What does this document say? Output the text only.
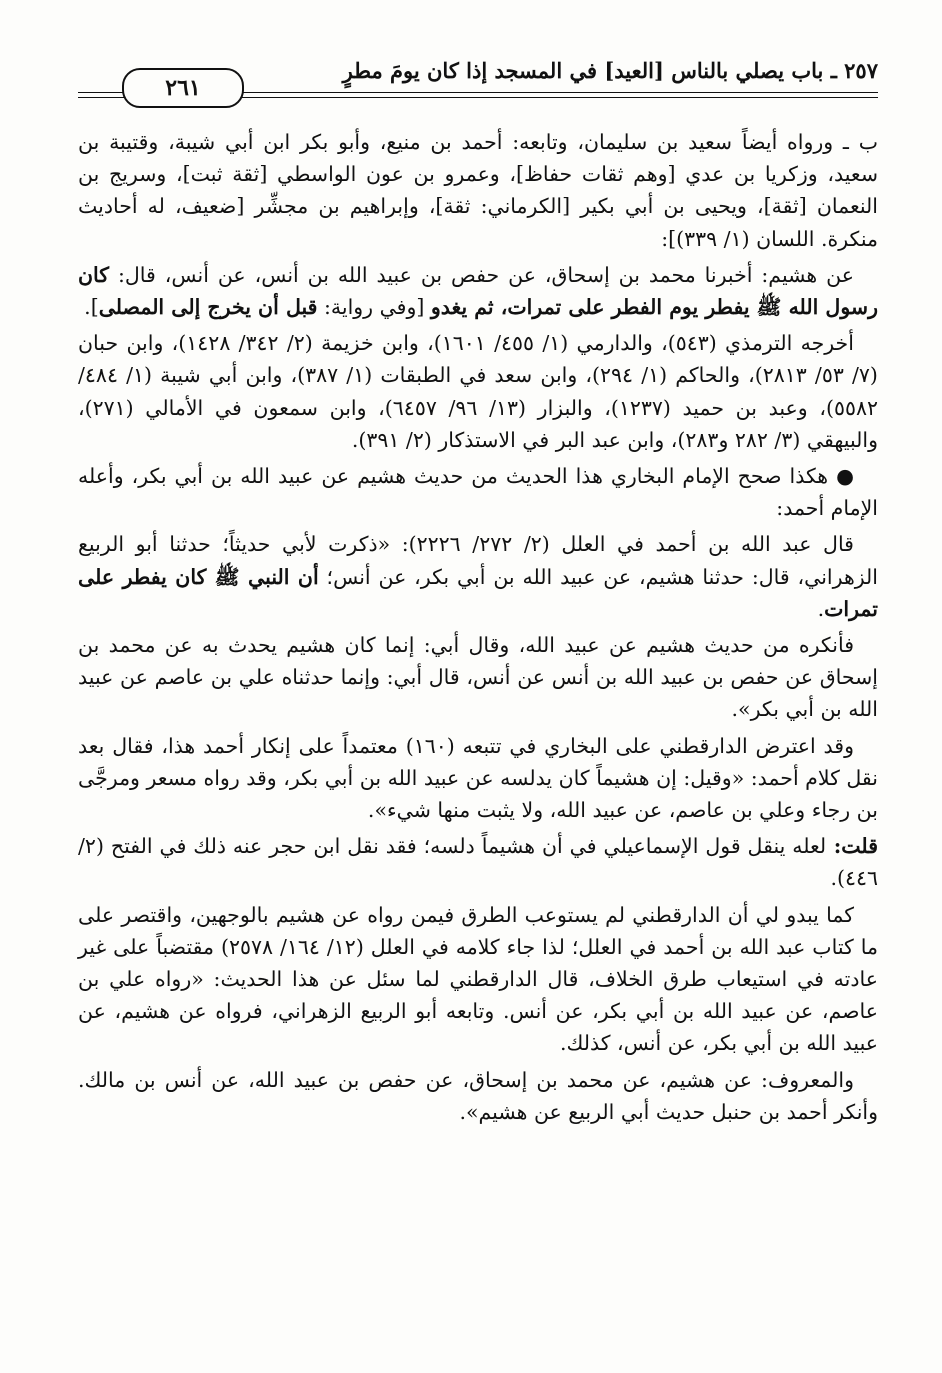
٢٥٧ ـ باب يصلي بالناس [العيد] في المسجد إذا كان يومَ مطرٍ
٢٦١

ب ـ ورواه أيضاً سعيد بن سليمان، وتابعه: أحمد بن منيع، وأبو بكر ابن أبي شيبة، وقتيبة بن سعيد، وزكريا بن عدي [وهم ثقات حفاظ]، وعمرو بن عون الواسطي [ثقة ثبت]، وسريج بن النعمان [ثقة]، ويحيى بن أبي بكير [الكرماني: ثقة]، وإبراهيم بن مجشِّر [ضعيف، له أحاديث منكرة. اللسان (١/ ٣٣٩)]:

عن هشيم: أخبرنا محمد بن إسحاق، عن حفص بن عبيد الله بن أنس، عن أنس، قال: كان رسول الله ﷺ يفطر يوم الفطر على تمرات، ثم يغدو [وفي رواية: قبل أن يخرج إلى المصلى].

أخرجه الترمذي (٥٤٣)، والدارمي (١/ ٤٥٥/ ١٦٠١)، وابن خزيمة (٢/ ٣٤٢/ ١٤٢٨)، وابن حبان (٧/ ٥٣/ ٢٨١٣)، والحاكم (١/ ٢٩٤)، وابن سعد في الطبقات (١/ ٣٨٧)، وابن أبي شيبة (١/ ٤٨٤/ ٥٥٨٢)، وعبد بن حميد (١٢٣٧)، والبزار (١٣/ ٩٦/ ٦٤٥٧)، وابن سمعون في الأمالي (٢٧١)، والبيهقي (٣/ ٢٨٢ و٢٨٣)، وابن عبد البر في الاستذكار (٢/ ٣٩١).

● هكذا صحح الإمام البخاري هذا الحديث من حديث هشيم عن عبيد الله بن أبي بكر، وأعله الإمام أحمد:

قال عبد الله بن أحمد في العلل (٢/ ٢٧٢/ ٢٢٢٦): «ذكرت لأبي حديثاً؛ حدثنا أبو الربيع الزهراني، قال: حدثنا هشيم، عن عبيد الله بن أبي بكر، عن أنس؛ أن النبي ﷺ كان يفطر على تمرات.

فأنكره من حديث هشيم عن عبيد الله، وقال أبي: إنما كان هشيم يحدث به عن محمد بن إسحاق عن حفص بن عبيد الله بن أنس عن أنس، قال أبي: وإنما حدثناه علي بن عاصم عن عبيد الله بن أبي بكر».

وقد اعترض الدارقطني على البخاري في تتبعه (١٦٠) معتمداً على إنكار أحمد هذا، فقال بعد نقل كلام أحمد: «وقيل: إن هشيماً كان يدلسه عن عبيد الله بن أبي بكر، وقد رواه مسعر ومرجَّى بن رجاء وعلي بن عاصم، عن عبيد الله، ولا يثبت منها شيء».

قلت: لعله ينقل قول الإسماعيلي في أن هشيماً دلسه؛ فقد نقل ابن حجر عنه ذلك في الفتح (٢/ ٤٤٦).

كما يبدو لي أن الدارقطني لم يستوعب الطرق فيمن رواه عن هشيم بالوجهين، واقتصر على ما كتاب عبد الله بن أحمد في العلل؛ لذا جاء كلامه في العلل (١٢/ ١٦٤/ ٢٥٧٨) مقتضباً على غير عادته في استيعاب طرق الخلاف، قال الدارقطني لما سئل عن هذا الحديث: «رواه علي بن عاصم، عن عبيد الله بن أبي بكر، عن أنس. وتابعه أبو الربيع الزهراني، فرواه عن هشيم، عن عبيد الله بن أبي بكر، عن أنس، كذلك.

والمعروف: عن هشيم، عن محمد بن إسحاق، عن حفص بن عبيد الله، عن أنس بن مالك. وأنكر أحمد بن حنبل حديث أبي الربيع عن هشيم».
